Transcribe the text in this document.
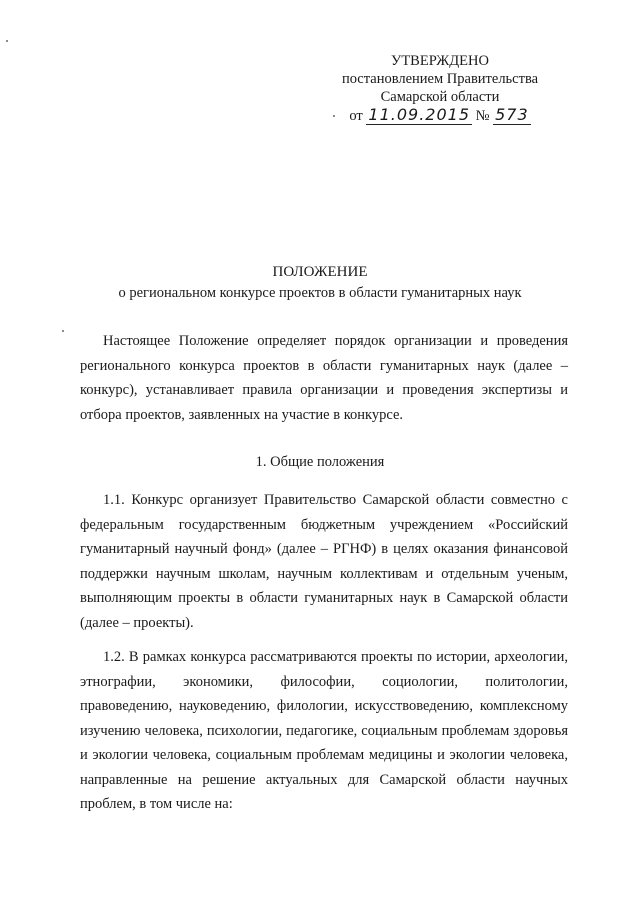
УТВЕРЖДЕНО
постановлением Правительства
Самарской области
от 11.09.2015 № 573
ПОЛОЖЕНИЕ
о региональном конкурсе проектов в области гуманитарных наук

Настоящее Положение определяет порядок организации и проведения регионального конкурса проектов в области гуманитарных наук (далее – конкурс), устанавливает правила организации и проведения экспертизы и отбора проектов, заявленных на участие в конкурсе.

1. Общие положения

1.1. Конкурс организует Правительство Самарской области совместно с федеральным государственным бюджетным учреждением «Российский гуманитарный научный фонд» (далее – РГНФ) в целях оказания финансовой поддержки научным школам, научным коллективам и отдельным ученым, выполняющим проекты в области гуманитарных наук в Самарской области (далее – проекты).

1.2. В рамках конкурса рассматриваются проекты по истории, археологии, этнографии, экономики, философии, социологии, политологии, правоведению, науковедению, филологии, искусствоведению, комплексному изучению человека, психологии, педагогике, социальным проблемам здоровья и экологии человека, социальным проблемам медицины и экологии человека, направленные на решение актуальных для Самарской области научных проблем, в том числе на:
